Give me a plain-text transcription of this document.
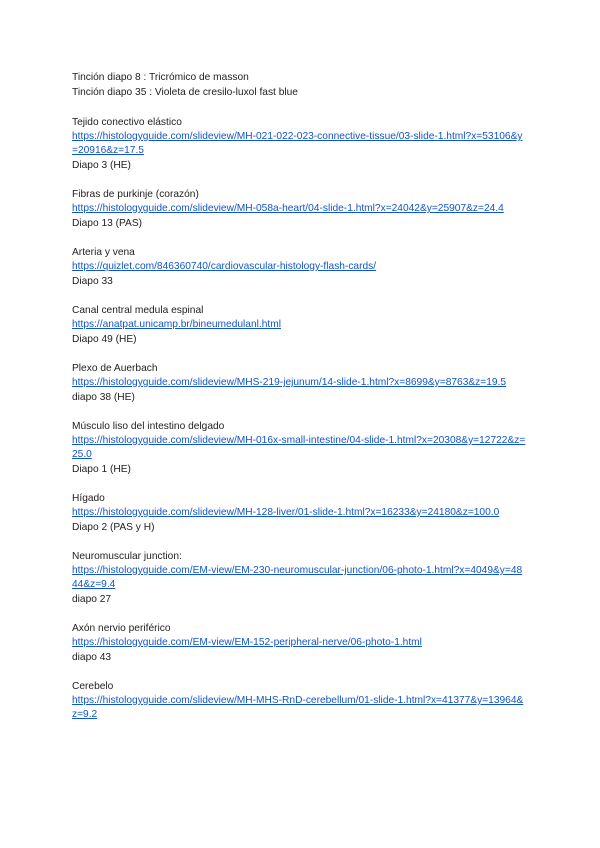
Tinción diapo 8 : Tricrómico de masson
Tinción diapo 35 : Violeta de cresilo-luxol fast blue
Tejido conectivo elástico
https://histologyguide.com/slideview/MH-021-022-023-connective-tissue/03-slide-1.html?x=53106&y=20916&z=17.5
Diapo 3 (HE)
Fibras de purkinje (corazón)
https://histologyguide.com/slideview/MH-058a-heart/04-slide-1.html?x=24042&y=25907&z=24.4
Diapo 13 (PAS)
Arteria y vena
https://quizlet.com/846360740/cardiovascular-histology-flash-cards/
Diapo 33
Canal central medula espinal
https://anatpat.unicamp.br/bineumedulanl.html
Diapo 49 (HE)
Plexo de Auerbach
https://histologyguide.com/slideview/MHS-219-jejunum/14-slide-1.html?x=8699&y=8763&z=19.5
diapo 38 (HE)
Músculo liso del intestino delgado
https://histologyguide.com/slideview/MH-016x-small-intestine/04-slide-1.html?x=20308&y=12722&z=25.0
Diapo 1 (HE)
Hígado
https://histologyguide.com/slideview/MH-128-liver/01-slide-1.html?x=16233&y=24180&z=100.0
Diapo 2 (PAS y H)
Neuromuscular junction:
https://histologyguide.com/EM-view/EM-230-neuromuscular-junction/06-photo-1.html?x=4049&y=4844&z=9.4
diapo 27
Axón nervio periférico
https://histologyguide.com/EM-view/EM-152-peripheral-nerve/06-photo-1.html
diapo 43
Cerebelo
https://histologyguide.com/slideview/MH-MHS-RnD-cerebellum/01-slide-1.html?x=41377&y=13964&z=9.2
